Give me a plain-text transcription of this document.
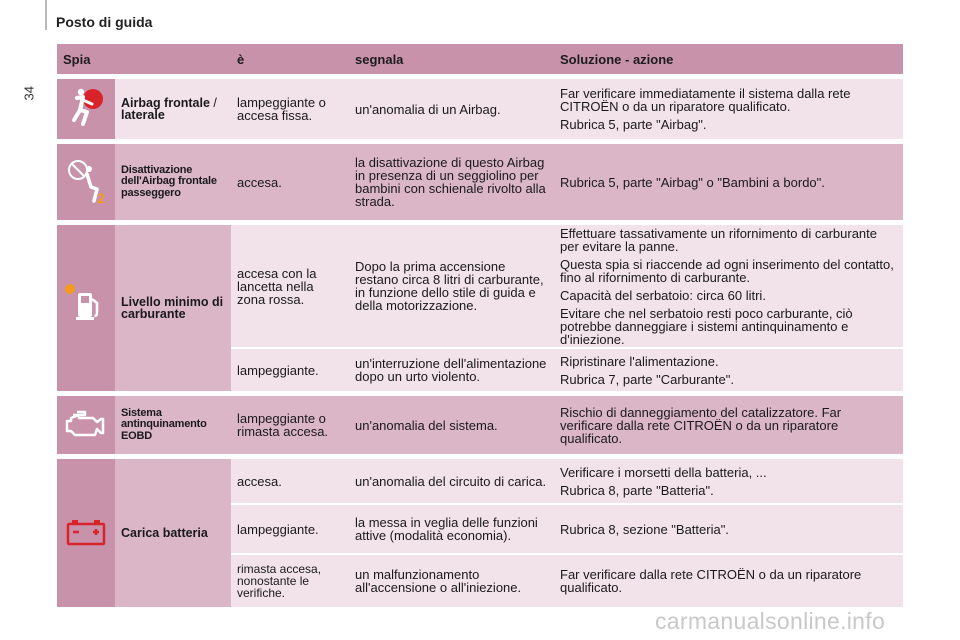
Posto di guida
34
Spia		è	segnala	Soluzione - azione

	Airbag frontale / laterale	lampeggiante o accesa fissa.	un'anomalia di un Airbag.	Far verificare immediatamente il sistema dalla rete CITROËN o da un riparatore qualificato.

Rubrica 5, parte "Airbag".

2	Disattivazione dell'Airbag frontale passeggero	accesa.	la disattivazione di questo Airbag in presenza di un seggiolino per bambini con schienale rivolto alla strada.	Rubrica 5, parte "Airbag" o "Bambini a bordo".

	Livello minimo di carburante	accesa con la lancetta nella zona rossa.	Dopo la prima accensione restano circa 8 litri di carburante, in funzione dello stile di guida e della motorizzazione.	Effettuare tassativamente un rifornimento di carburante per evitare la panne.

Questa spia si riaccende ad ogni inserimento del contatto, fino al rifornimento di carburante.

Capacità del serbatoio: circa 60 litri.

Evitare che nel serbatoio resti poco carburante, ciò potrebbe danneggiare i sistemi antinquinamento e d'iniezione.

		lampeggiante.	un'interruzione dell'alimentazione dopo un urto violento.	Ripristinare l'alimentazione.

Rubrica 7, parte "Carburante".

	Sistema antinquinamento EOBD	lampeggiante o rimasta accesa.	un'anomalia del sistema.	Rischio di danneggiamento del catalizzatore. Far verificare dalla rete CITROËN o da un riparatore qualificato.

	Carica batteria	accesa.	un'anomalia del circuito di carica.	Verificare i morsetti della batteria, ...

Rubrica 8, parte "Batteria".

		lampeggiante.	la messa in veglia delle funzioni attive (modalità economia).	Rubrica 8, sezione "Batteria".

		rimasta accesa, nonostante le verifiche.	un malfunzionamento all'accensione o all'iniezione.	Far verificare dalla rete CITROËN o da un riparatore qualificato.

carmanualsonline.info
